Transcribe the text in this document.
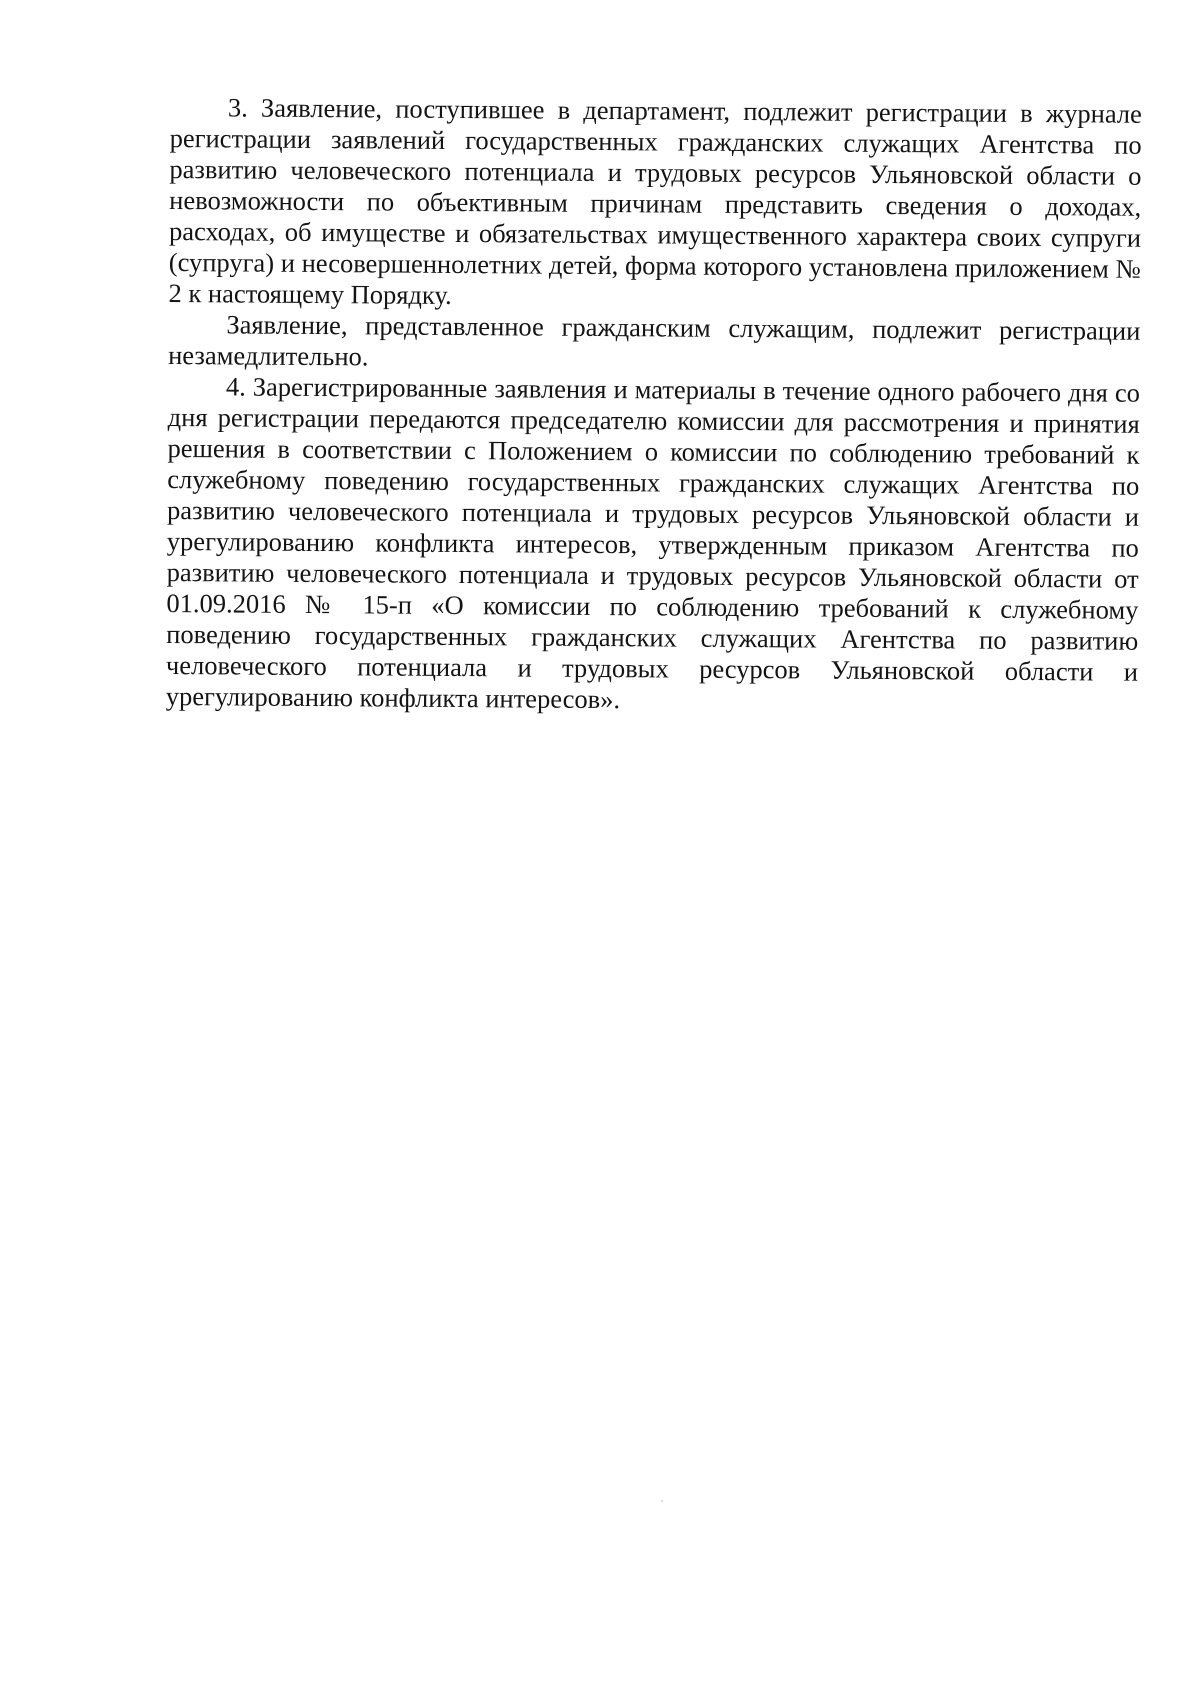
3. Заявление, поступившее в департамент, подлежит регистрации в журнале регистрации заявлений государственных гражданских служащих Агентства по развитию человеческого потенциала и трудовых ресурсов Ульяновской области о невозможности по объективным причинам представить сведения о доходах, расходах, об имуществе и обязательствах имущественного характера своих супруги (супруга) и несовершеннолетних детей, форма которого установлена приложением № 2 к настоящему Порядку.

Заявление, представленное гражданским служащим, подлежит регистрации незамедлительно.

4. Зарегистрированные заявления и материалы в течение одного рабочего дня со дня регистрации передаются председателю комиссии для рассмотрения и принятия решения в соответствии с Положением о комиссии по соблюдению требований к служебному поведению государственных гражданских служащих Агентства по развитию человеческого потенциала и трудовых ресурсов Ульяновской области и урегулированию конфликта интересов, утвержденным приказом Агентства по развитию человеческого потенциала и трудовых ресурсов Ульяновской области от 01.09.2016 № 15-п «О комиссии по соблюдению требований к служебному поведению государственных гражданских служащих Агентства по развитию человеческого потенциала и трудовых ресурсов Ульяновской области и урегулированию конфликта интересов».
